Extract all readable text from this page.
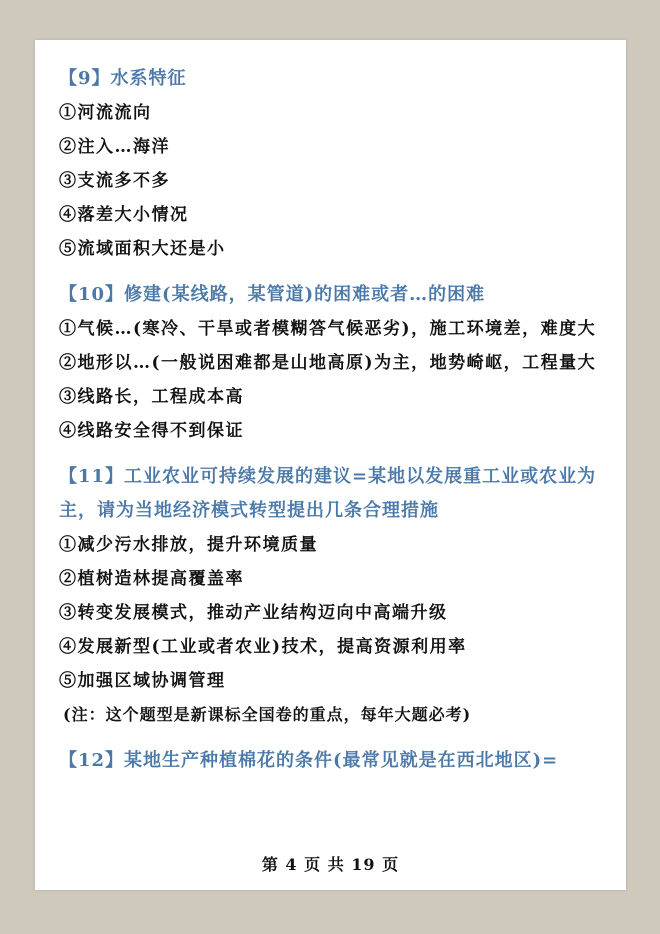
【9】水系特征

①河流流向

②注入…海洋

③支流多不多

④落差大小情况

⑤流域面积大还是小

【10】修建(某线路，某管道)的困难或者…的困难

①气候…(寒冷、干旱或者模糊答气候恶劣)，施工环境差，难度大

②地形以…(一般说困难都是山地高原)为主，地势崎岖，工程量大

③线路长，工程成本高

④线路安全得不到保证

【11】工业农业可持续发展的建议=某地以发展重工业或农业为主，请为当地经济模式转型提出几条合理措施

①减少污水排放，提升环境质量

②植树造林提高覆盖率

③转变发展模式，推动产业结构迈向中高端升级

④发展新型(工业或者农业)技术，提高资源利用率

⑤加强区域协调管理

(注：这个题型是新课标全国卷的重点，每年大题必考)

【12】某地生产种植棉花的条件(最常见就是在西北地区)=

第 4 页 共 19 页
